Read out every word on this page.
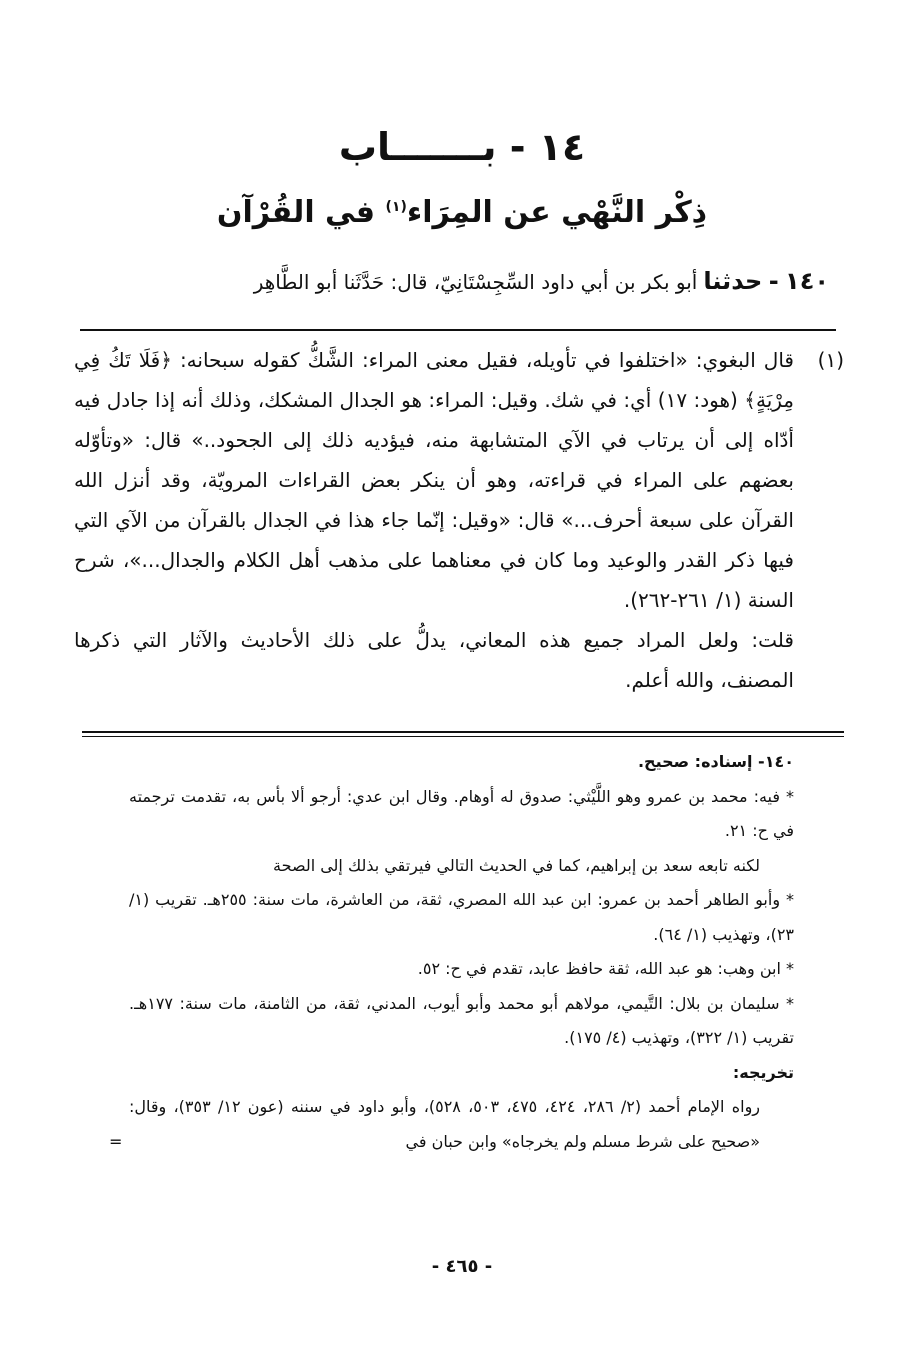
١٤ - بـــــــاب
ذِكْر النَّهْي عن المِرَاء$^{(١)}$ في القُرْآن
١٤٠ - حدثناأبو بكر بن أبي داود السِّجِسْتَانِيّ، قال: حَدَّثَنا أبو الطَّاهِر
(١)

قال البغوي: «اختلفوا في تأويله، فقيل معنى المراء: الشَّكُّ كقوله سبحانه: ﴿فَلَا تَكُ فِي مِرْيَةٍ﴾ (هود: ١٧) أي: في شك. وقيل: المراء: هو الجدال المشكك، وذلك أنه إذا جادل فيه أدّاه إلى أن يرتاب في الآي المتشابهة منه، فيؤديه ذلك إلى الجحود..» قال: «وتأوّله بعضهم على المراء في قراءته، وهو أن ينكر بعض القراءات المرويّة، وقد أنزل الله القرآن على سبعة أحرف...» قال: «وقيل: إنّما جاء هذا في الجدال بالقرآن من الآي التي فيها ذكر القدر والوعيد وما كان في معناهما على مذهب أهل الكلام والجدال...»، شرح السنة (١/ ٢٦١-٢٦٢).

قلت: ولعل المراد جميع هذه المعاني، يدلُّ على ذلك الأحاديث والآثار التي ذكرها المصنف، والله أعلم.

١٤٠- إسناده: صحيح.

* فيه: محمد بن عمرو وهو اللَّيْثي: صدوق له أوهام. وقال ابن عدي: أرجو ألا بأس به، تقدمت ترجمته في ح: ٢١.

لكنه تابعه سعد بن إبراهيم، كما في الحديث التالي فيرتقي بذلك إلى الصحة

* وأبو الطاهر أحمد بن عمرو: ابن عبد الله المصري، ثقة، من العاشرة، مات سنة: ٢٥٥هـ. تقريب (١/ ٢٣)، وتهذيب (١/ ٦٤).

* ابن وهب: هو عبد الله، ثقة حافظ عابد، تقدم في ح: ٥٢.

* سليمان بن بلال: التَّيمي، مولاهم أبو محمد وأبو أيوب، المدني، ثقة، من الثامنة، مات سنة: ١٧٧هـ. تقريب (١/ ٣٢٢)، وتهذيب (٤/ ١٧٥).

تخريجه:

رواه الإمام أحمد (٢/ ٢٨٦، ٤٢٤، ٤٧٥، ٥٠٣، ٥٢٨)، وأبو داود في سننه (عون ١٢/ ٣٥٣)، وقال: «صحيح على شرط مسلم ولم يخرجاه» وابن حبان في
=

- ٤٦٥ -
